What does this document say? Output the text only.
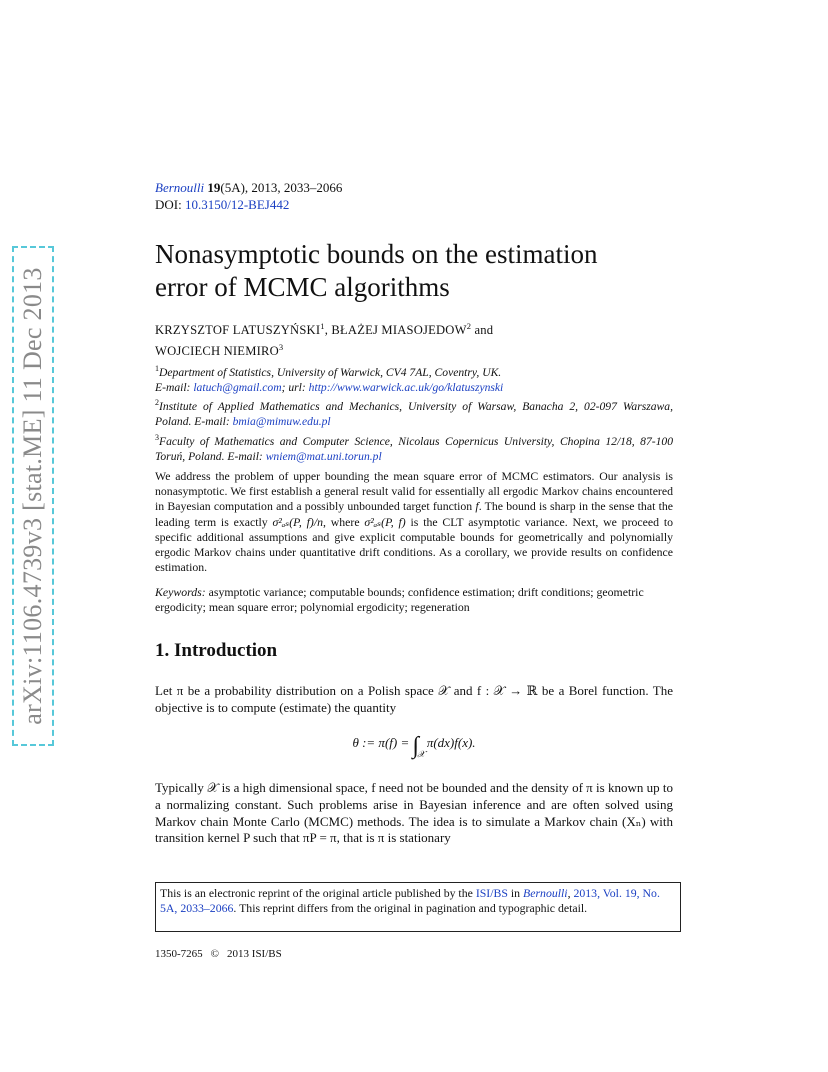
arXiv:1106.4739v3 [stat.ME] 11 Dec 2013
Bernoulli 19(5A), 2013, 2033–2066
DOI: 10.3150/12-BEJ442
Nonasymptotic bounds on the estimation
error of MCMC algorithms
KRZYSZTOF LATUSZYŃSKI$^1$, BŁAŻEJ MIASOJEDOW$^2$ and
WOJCIECH NIEMIRO$^3$

$^1$Department of Statistics, University of Warwick, CV4 7AL, Coventry, UK.
E-mail: latuch@gmail.com; url: http://www.warwick.ac.uk/go/klatuszynski

$^2$Institute of Applied Mathematics and Mechanics, University of Warsaw, Banacha 2, 02-097 Warszawa, Poland. E-mail: bmia@mimuw.edu.pl

$^3$Faculty of Mathematics and Computer Science, Nicolaus Copernicus University, Chopina 12/18, 87-100 Toruń, Poland. E-mail: wniem@mat.uni.torun.pl

We address the problem of upper bounding the mean square error of MCMC estimators. Our analysis is nonasymptotic. We first establish a general result valid for essentially all ergodic Markov chains encountered in Bayesian computation and a possibly unbounded target function f. The bound is sharp in the sense that the leading term is exactly σ²ₐₛ(P, f)/n, where σ²ₐₛ(P, f) is the CLT asymptotic variance. Next, we proceed to specific additional assumptions and give explicit computable bounds for geometrically and polynomially ergodic Markov chains under quantitative drift conditions. As a corollary, we provide results on confidence estimation.

Keywords: asymptotic variance; computable bounds; confidence estimation; drift conditions; geometric ergodicity; mean square error; polynomial ergodicity; regeneration
1. Introduction

Let π be a probability distribution on a Polish space 𝒳 and f : 𝒳 → ℝ be a Borel function. The objective is to compute (estimate) the quantity

θ := $\pi(f) = \int_𝒳\pi(dx)f(x)$.

Typically 𝒳 is a high dimensional space, f need not be bounded and the density of π is known up to a normalizing constant. Such problems arise in Bayesian inference and are often solved using Markov chain Monte Carlo (MCMC) methods. The idea is to simulate a Markov chain (Xₙ) with transition kernel P such that πP = π, that is π is stationary

This is an electronic reprint of the original article published by the ISI/BS in Bernoulli, 2013, Vol. 19, No. 5A, 2033–2066. This reprint differs from the original in pagination and typographic detail.
1350-7265 © 2013 ISI/BS
